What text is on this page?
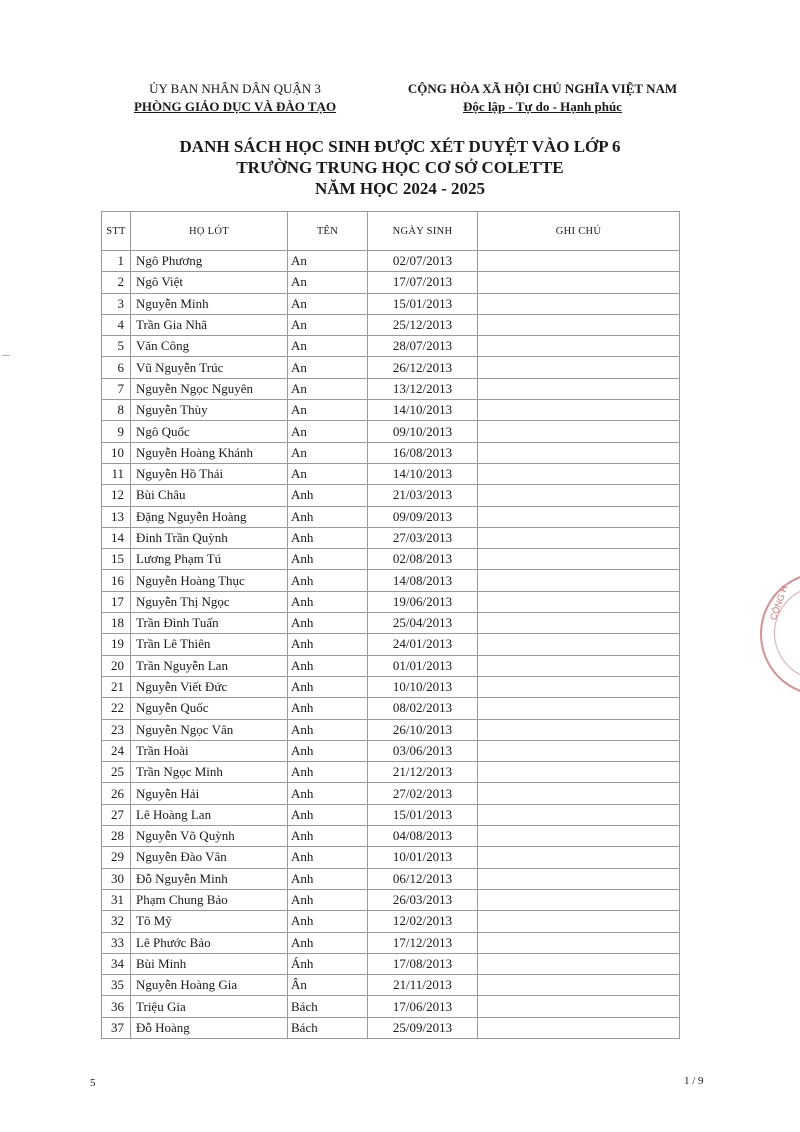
ỦY BAN NHÂN DÂN QUẬN 3
PHÒNG GIÁO DỤC VÀ ĐÀO TẠO
CỘNG HÒA XÃ HỘI CHỦ NGHĨA VIỆT NAM
Độc lập - Tự do - Hạnh phúc
DANH SÁCH HỌC SINH ĐƯỢC XÉT DUYỆT VÀO LỚP 6
TRƯỜNG TRUNG HỌC CƠ SỞ COLETTE
NĂM HỌC 2024 - 2025
STT	HỌ LÓT	TÊN	NGÀY SINH	GHI CHÚ
1	Ngô Phương	An	02/07/2013	
2	Ngô Việt	An	17/07/2013	
3	Nguyễn Minh	An	15/01/2013	
4	Trần Gia Nhã	An	25/12/2013	
5	Văn Công	An	28/07/2013	
6	Vũ Nguyễn Trúc	An	26/12/2013	
7	Nguyễn Ngọc Nguyên	An	13/12/2013	
8	Nguyễn Thùy	An	14/10/2013	
9	Ngô Quốc	An	09/10/2013	
10	Nguyễn Hoàng Khánh	An	16/08/2013	
11	Nguyễn Hồ Thái	An	14/10/2013	
12	Bùi Châu	Anh	21/03/2013	
13	Đặng Nguyễn Hoàng	Anh	09/09/2013	
14	Đinh Trần Quỳnh	Anh	27/03/2013	
15	Lương Phạm Tú	Anh	02/08/2013	
16	Nguyễn Hoàng Thục	Anh	14/08/2013	
17	Nguyễn Thị Ngọc	Anh	19/06/2013	
18	Trần Đình Tuấn	Anh	25/04/2013	
19	Trần Lê Thiên	Anh	24/01/2013	
20	Trần Nguyễn Lan	Anh	01/01/2013	
21	Nguyễn Viết Đức	Anh	10/10/2013	
22	Nguyễn Quốc	Anh	08/02/2013	
23	Nguyễn Ngọc Vân	Anh	26/10/2013	
24	Trần Hoài	Anh	03/06/2013	
25	Trần Ngọc Minh	Anh	21/12/2013	
26	Nguyễn Hải	Anh	27/02/2013	
27	Lê Hoàng Lan	Anh	15/01/2013	
28	Nguyễn Võ Quỳnh	Anh	04/08/2013	
29	Nguyễn Đào Vân	Anh	10/01/2013	
30	Đỗ Nguyễn Minh	Anh	06/12/2013	
31	Phạm Chung Bảo	Anh	26/03/2013	
32	Tô Mỹ	Anh	12/02/2013	
33	Lê Phước Bảo	Anh	17/12/2013	
34	Bùi Minh	Ánh	17/08/2013	
35	Nguyễn Hoàng Gia	Ân	21/11/2013	
36	Triệu Gia	Bách	17/06/2013	
37	Đỗ Hoàng	Bách	25/09/2013	
5	1 / 9
CỘNG H
